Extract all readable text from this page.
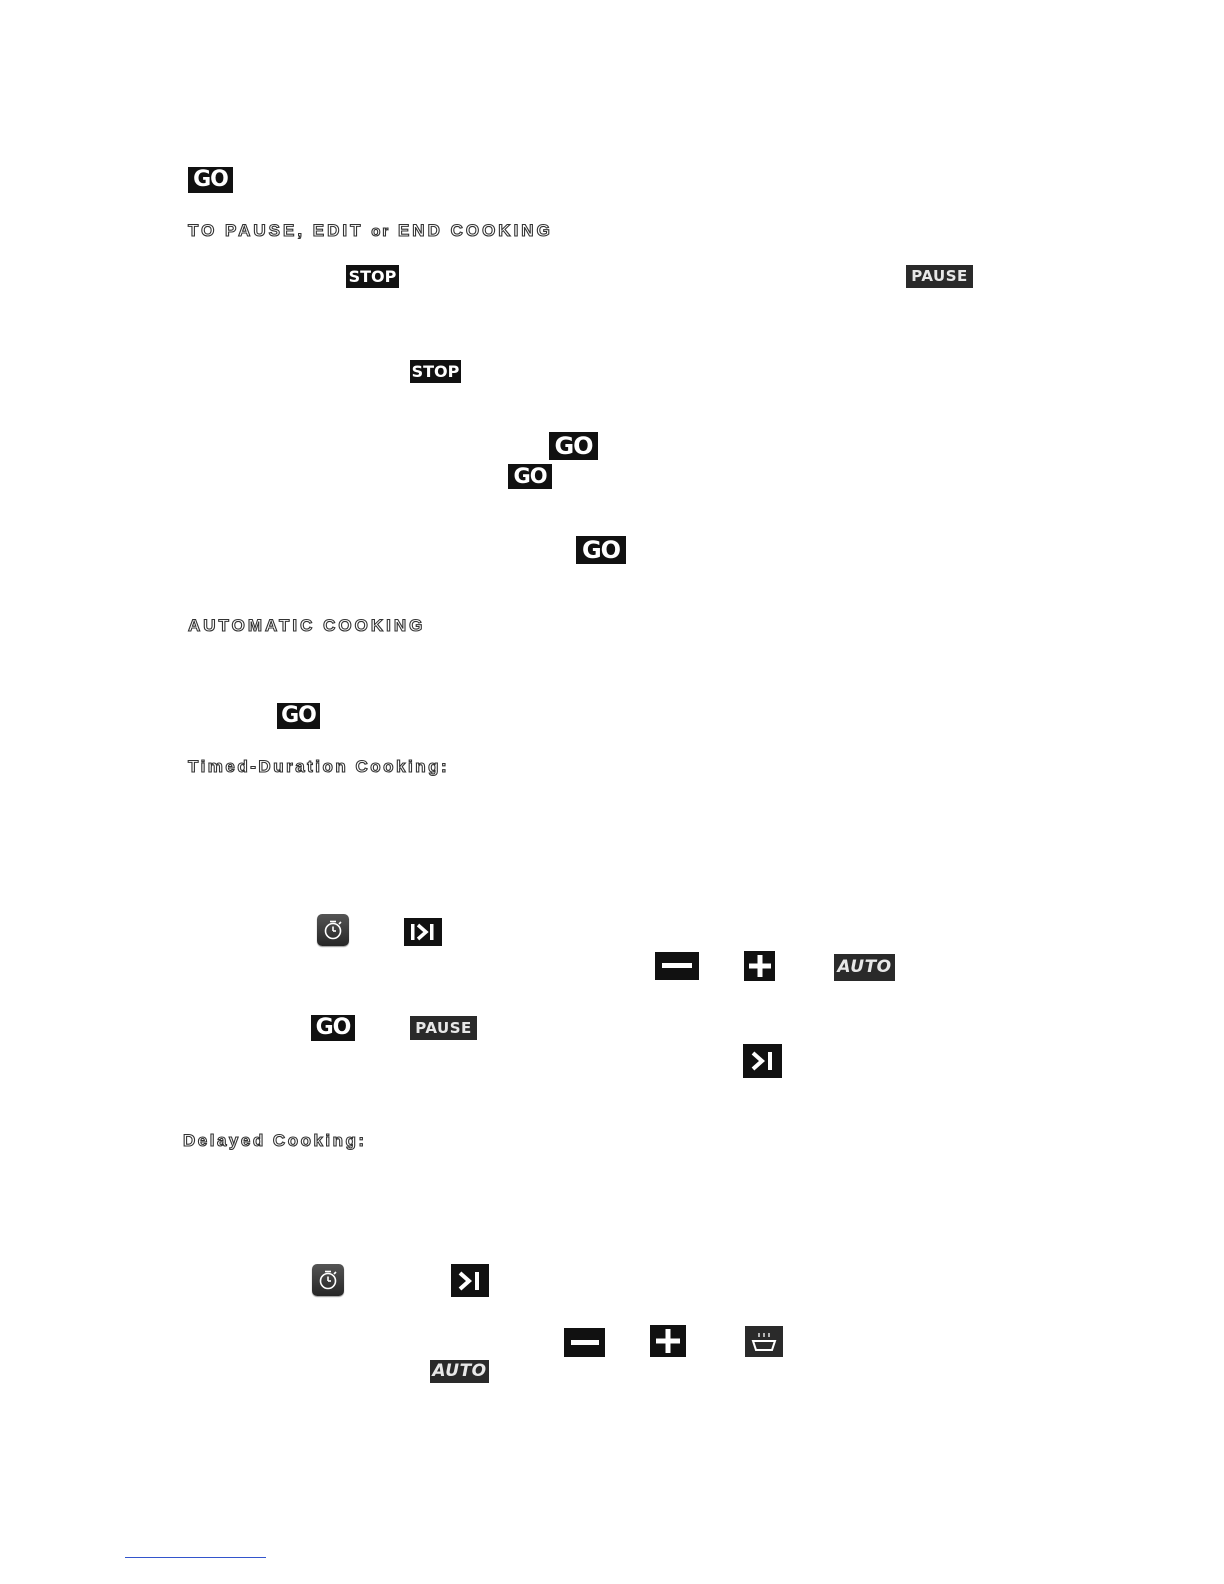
GO
TO PAUSE, EDIT or END COOKING
STOP	PAUSE
STOP
GO
GO
GO
AUTOMATIC COOKING
GO
Timed-Duration Cooking:
AUTO
GO	PAUSE
Delayed Cooking:
AUTO
